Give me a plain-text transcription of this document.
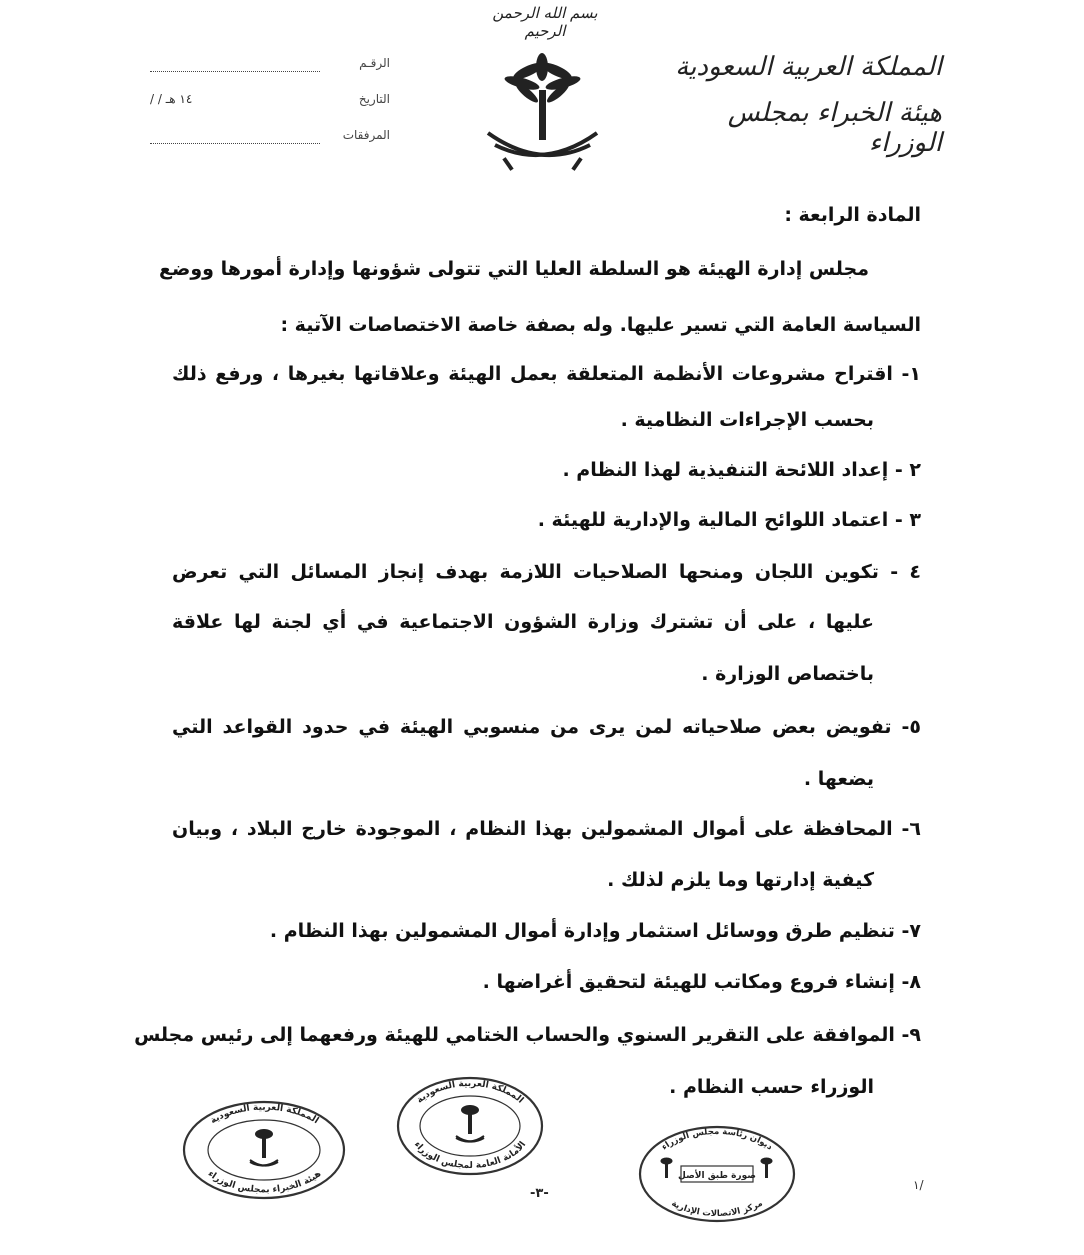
بسم الله الرحمن الرحيم
المملكة العربية السعودية
هيئة الخبراء بمجلس الوزراء
الرقـم
التاريخ
١٤ هـ / /
المرفقات
المادة الرابعة :
مجلس إدارة الهيئة هو السلطة العليا التي تتولى شؤونها وإدارة أمورها ووضع
السياسة العامة التي تسير عليها. وله بصفة خاصة الاختصاصات الآتية :
١- اقتراح مشروعات الأنظمة المتعلقة بعمل الهيئة وعلاقاتها بغيرها ، ورفع ذلك
بحسب الإجراءات النظامية .
٢ - إعداد اللائحة التنفيذية لهذا النظام .
٣ - اعتماد اللوائح المالية والإدارية للهيئة .
٤ - تكوين اللجان ومنحها الصلاحيات اللازمة بهدف إنجاز المسائل التي تعرض
عليها ، على أن تشترك وزارة الشؤون الاجتماعية في أي لجنة لها علاقة
باختصاص الوزارة .
٥- تفويض بعض صلاحياته لمن يرى من منسوبي الهيئة في حدود القواعد التي
يضعها .
٦- المحافظة على أموال المشمولين بهذا النظام ، الموجودة خارج البلاد ، وبيان
كيفية إدارتها وما يلزم لذلك .
٧- تنظيم طرق ووسائل استثمار وإدارة أموال المشمولين بهذا النظام .
٨- إنشاء فروع ومكاتب للهيئة لتحقيق أغراضها .
٩- الموافقة على التقرير السنوي والحساب الختامي للهيئة ورفعهما إلى رئيس مجلس
الوزراء حسب النظام .
المملكة العربية السعودية
هيئة الخبراء بمجلس الوزراء
المملكة العربية السعودية
الأمانة العامة لمجلس الوزراء	ديوان رئاسة مجلس الوزراء
صورة طبق الأصل
مركز الاتصالات الإدارية
-٣-
١/
